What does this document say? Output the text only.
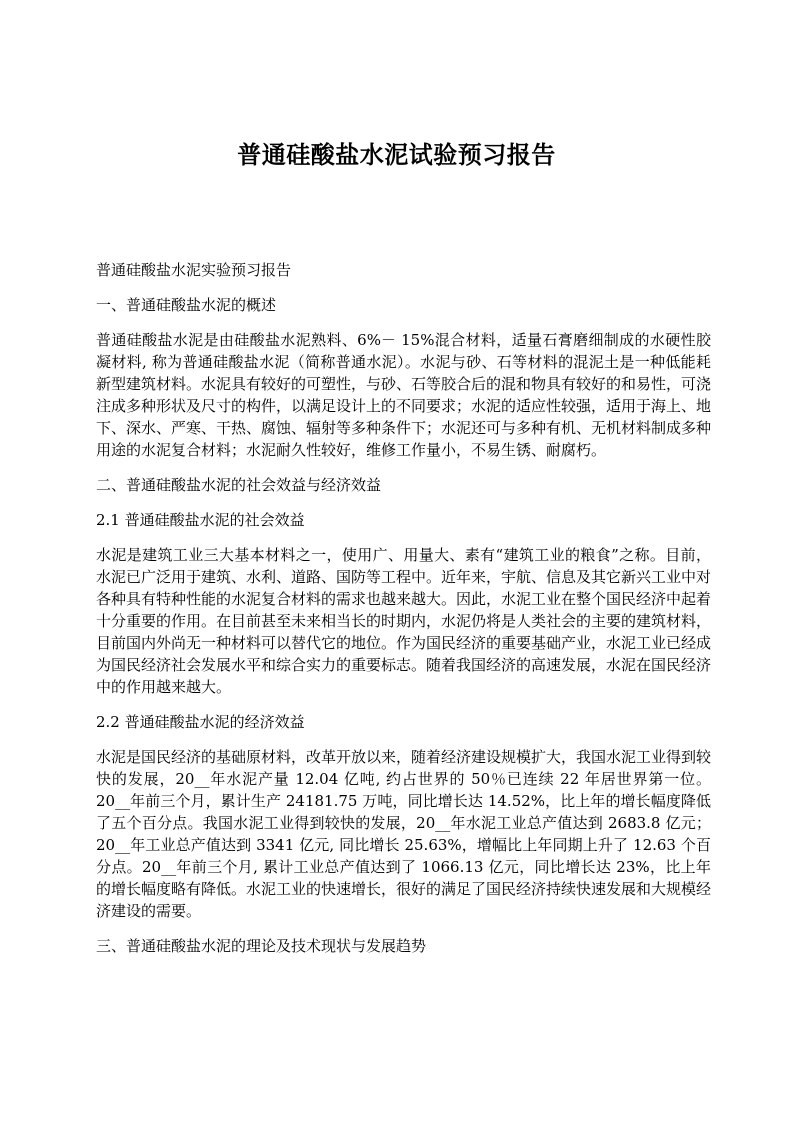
普通硅酸盐水泥试验预习报告
普通硅酸盐水泥实验预习报告
一、普通硅酸盐水泥的概述
普通硅酸盐水泥是由硅酸盐水泥熟料、6%－ 15%混合材料，适量石膏磨细制成的水硬性胶凝材料, 称为普通硅酸盐水泥（简称普通水泥）。水泥与砂、石等材料的混泥土是一种低能耗新型建筑材料。水泥具有较好的可塑性，与砂、石等胶合后的混和物具有较好的和易性，可浇注成多种形状及尺寸的构件，以满足设计上的不同要求；水泥的适应性较强，适用于海上、地下、深水、严寒、干热、腐蚀、辐射等多种条件下；水泥还可与多种有机、无机材料制成多种用途的水泥复合材料；水泥耐久性较好，维修工作量小，不易生锈、耐腐朽。
二、普通硅酸盐水泥的社会效益与经济效益
2.1 普通硅酸盐水泥的社会效益
水泥是建筑工业三大基本材料之一，使用广、用量大、素有“建筑工业的粮食”之称。目前，水泥已广泛用于建筑、水利、道路、国防等工程中。近年来，宇航、信息及其它新兴工业中对各种具有特种性能的水泥复合材料的需求也越来越大。因此，水泥工业在整个国民经济中起着十分重要的作用。在目前甚至未来相当长的时期内，水泥仍将是人类社会的主要的建筑材料，目前国内外尚无一种材料可以替代它的地位。作为国民经济的重要基础产业，水泥工业已经成为国民经济社会发展水平和综合实力的重要标志。随着我国经济的高速发展，水泥在国民经济中的作用越来越大。
2.2 普通硅酸盐水泥的经济效益
水泥是国民经济的基础原材料，改革开放以来，随着经济建设规模扩大，我国水泥工业得到较快的发展，20__年水泥产量 12.04 亿吨, 约占世界的 50％已连续 22 年居世界第一位。20__年前三个月，累计生产 24181.75 万吨，同比增长达 14.52%，比上年的增长幅度降低了五个百分点。我国水泥工业得到较快的发展，20__年水泥工业总产值达到 2683.8 亿元；20__年工业总产值达到 3341 亿元, 同比增长 25.63%，增幅比上年同期上升了 12.63 个百分点。20__年前三个月, 累计工业总产值达到了 1066.13 亿元，同比增长达 23%，比上年的增长幅度略有降低。水泥工业的快速增长，很好的满足了国民经济持续快速发展和大规模经济建设的需要。
三、普通硅酸盐水泥的理论及技术现状与发展趋势
